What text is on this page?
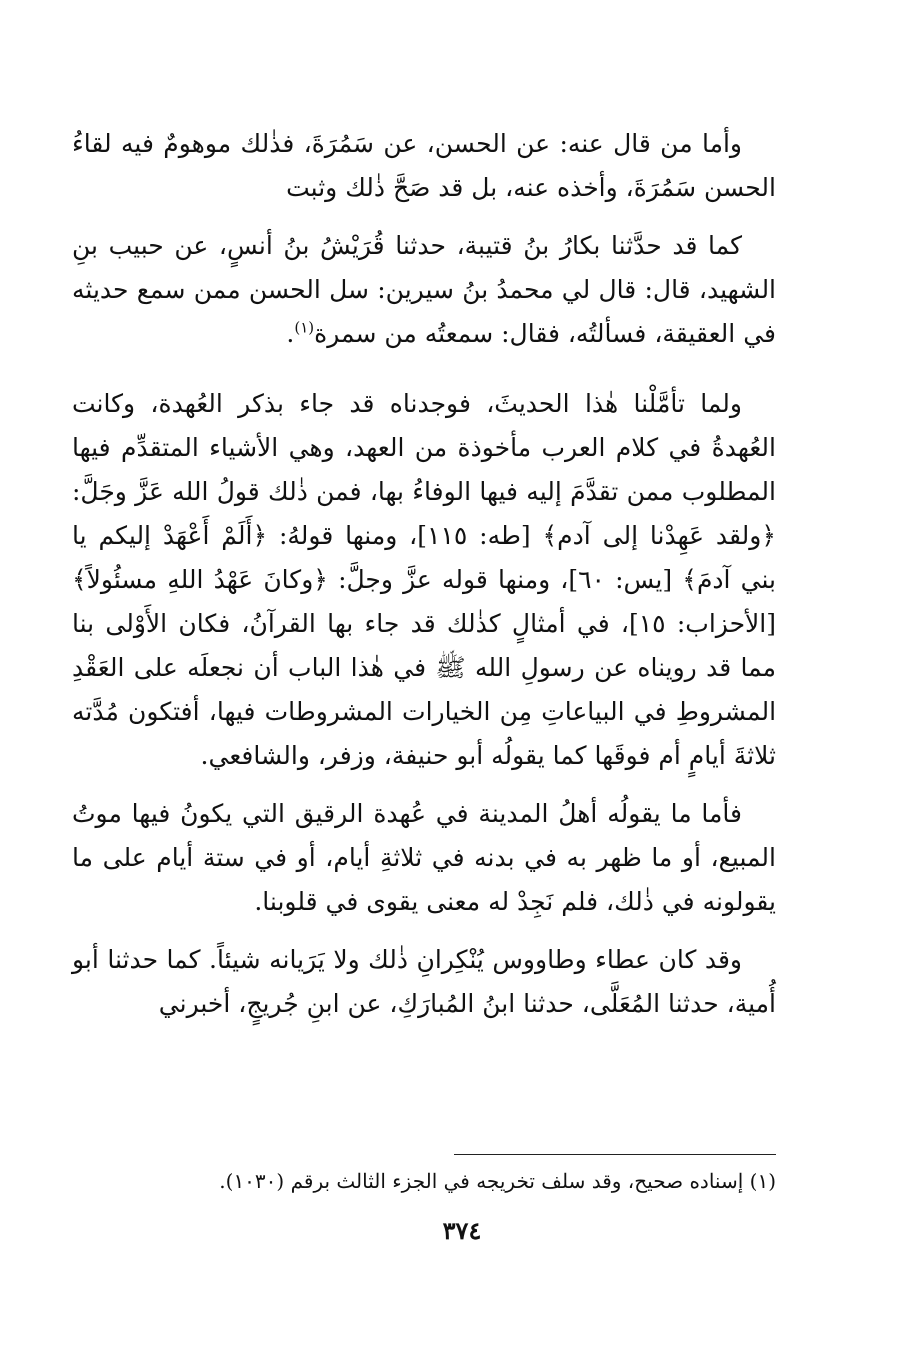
وأما من قال عنه: عن الحسن، عن سَمُرَةَ، فذٰلك موهومٌ فيه لقاءُ الحسن سَمُرَةَ، وأخذه عنه، بل قد صَحَّ ذٰلك وثبت

كما قد حدَّثنا بكارُ بنُ قتيبة، حدثنا قُرَيْشُ بنُ أنسٍ، عن حبيب بنِ الشهيد، قال: قال لي محمدُ بنُ سيرين: سل الحسن ممن سمع حديثه في العقيقة، فسألتُه، فقال: سمعتُه من سمرة$^{(١)}$.

ولما تأمَّلْنا هٰذا الحديثَ، فوجدناه قد جاء بذكر العُهدة، وكانت العُهدةُ في كلام العرب مأخوذة من العهد، وهي الأشياء المتقدِّم فيها المطلوب ممن تقدَّمَ إليه فيها الوفاءُ بها، فمن ذٰلك قولُ الله عَزَّ وجَلَّ: ﴿ولقد عَهِدْنا إلى آدم﴾ [طه: ١١٥]، ومنها قولهُ: ﴿أَلَمْ أَعْهَدْ إليكم يا بني آدمَ﴾ [يس: ٦٠]، ومنها قوله عزَّ وجلَّ: ﴿وكانَ عَهْدُ اللهِ مسئُولاً﴾ [الأحزاب: ١٥]، في أمثالٍ كذٰلك قد جاء بها القرآنُ، فكان الأَوْلى بنا مما قد رويناه عن رسولِ الله ﷺ في هٰذا الباب أن نجعلَه على العَقْدِ المشروطِ في البياعاتِ مِن الخيارات المشروطات فيها، أفتكون مُدَّته ثلاثةَ أيامٍ أم فوقَها كما يقولُه أبو حنيفة، وزفر، والشافعي.

فأما ما يقولُه أهلُ المدينة في عُهدة الرقيق التي يكونُ فيها موتُ المبيع، أو ما ظهر به في بدنه في ثلاثةِ أيام، أو في ستة أيام على ما يقولونه في ذٰلك، فلم نَجِدْ له معنى يقوى في قلوبنا.

وقد كان عطاء وطاووس يُنْكِرانِ ذٰلك ولا يَرَيانه شيئاً. كما حدثنا أبو أُمية، حدثنا المُعَلَّى، حدثنا ابنُ المُبارَكِ، عن ابنِ جُريجٍ، أخبرني

(١) إسناده صحيح، وقد سلف تخريجه في الجزء الثالث برقم (١٠٣٠).
٣٧٤
